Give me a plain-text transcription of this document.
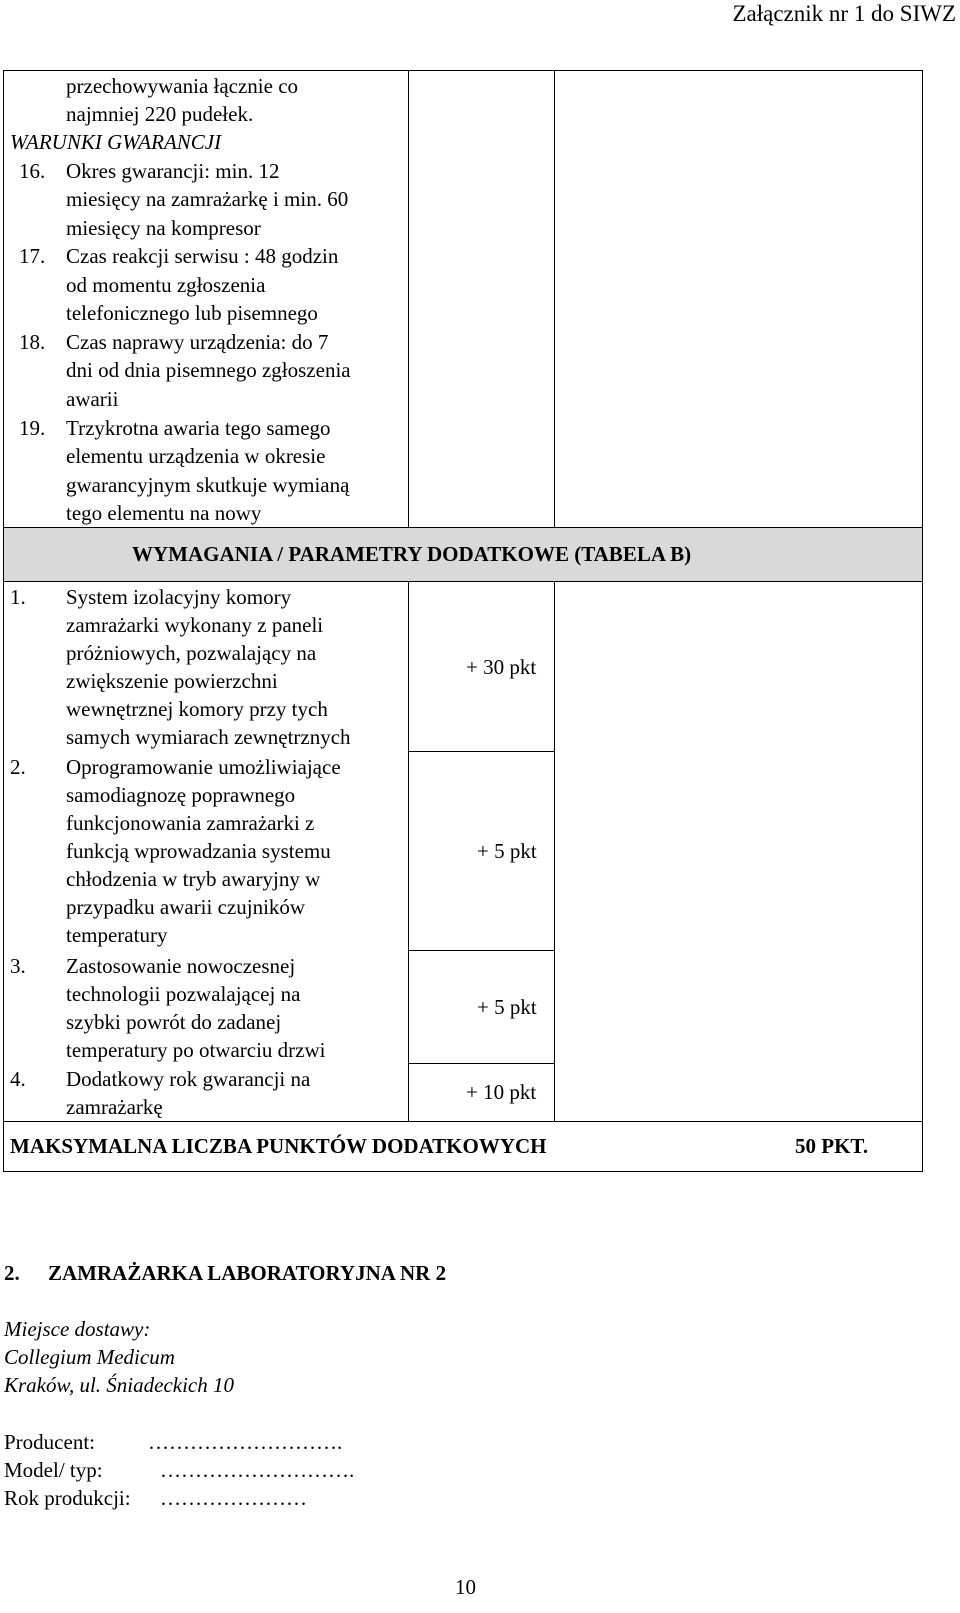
Załącznik nr 1 do SIWZ
przechowywania łącznie co
najmniej 220 pudełek.
WARUNKI GWARANCJI
16. Okres gwarancji: min. 12
miesięcy na zamrażarkę i min. 60
miesięcy na kompresor
17. Czas reakcji serwisu : 48 godzin
od momentu zgłoszenia
telefonicznego lub pisemnego
18. Czas naprawy urządzenia: do 7
dni od dnia pisemnego zgłoszenia
awarii
19. Trzykrotna awaria tego samego
elementu urządzenia w okresie
gwarancyjnym skutkuje wymianą
tego elementu na nowy
WYMAGANIA / PARAMETRY DODATKOWE (TABELA B)
1. System izolacyjny komory
zamrażarki wykonany z paneli
próżniowych, pozwalający na
zwiększenie powierzchni
wewnętrznej komory przy tych
samych wymiarach zewnętrznych
+ 30 pkt
2. Oprogramowanie umożliwiające
samodiagnozę poprawnego
funkcjonowania zamrażarki z
funkcją wprowadzania systemu
chłodzenia w tryb awaryjny w
przypadku awarii czujników
temperatury
+ 5 pkt
3. Zastosowanie nowoczesnej
technologii pozwalającej na
szybki powrót do zadanej
temperatury po otwarciu drzwi
+ 5 pkt
4. Dodatkowy rok gwarancji na
zamrażarkę
+ 10 pkt
MAKSYMALNA LICZBA PUNKTÓW DODATKOWYCH	50 PKT.
2. ZAMRAŻARKA LABORATORYJNA NR 2
Miejsce dostawy:
Collegium Medicum
Kraków, ul. Śniadeckich 10
Producent:	……………………….
Model/ typ:	……………………….
Rok produkcji: …………………
10
